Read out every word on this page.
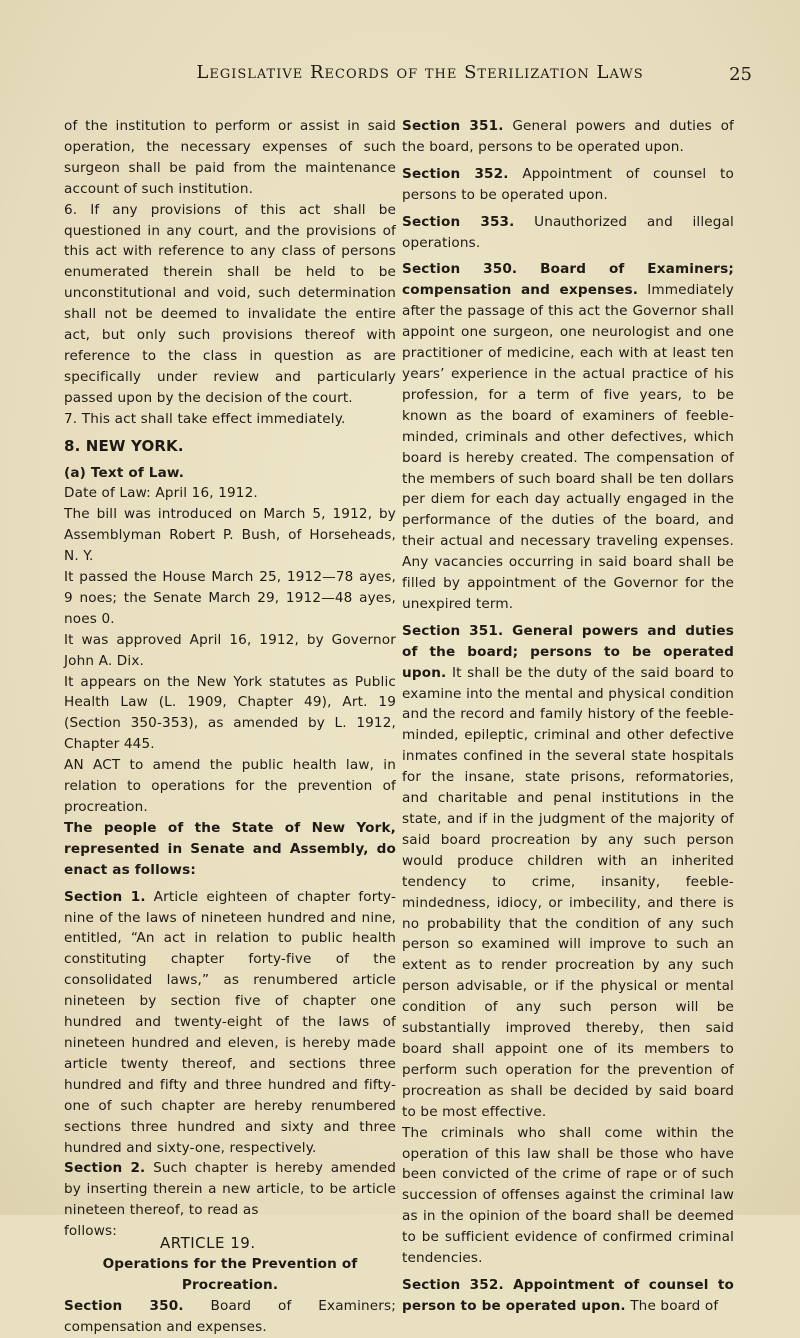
Legislative Records of the Sterilization Laws	25

of the institution to perform or assist in said operation, the necessary expenses of such surgeon shall be paid from the maintenance account of such institution.

6. If any provisions of this act shall be questioned in any court, and the provisions of this act with reference to any class of persons enumerated therein shall be held to be unconstitutional and void, such determination shall not be deemed to invalidate the entire act, but only such provisions thereof with reference to the class in question as are specifically under review and particularly passed upon by the decision of the court.

7. This act shall take effect immediately.

8. NEW YORK.

(a) Text of Law.

Date of Law: April 16, 1912.

The bill was introduced on March 5, 1912, by Assemblyman Robert P. Bush, of Horseheads, N. Y.

It passed the House March 25, 1912—78 ayes, 9 noes; the Senate March 29, 1912—48 ayes, noes 0.

It was approved April 16, 1912, by Governor John A. Dix.

It appears on the New York statutes as Public Health Law (L. 1909, Chapter 49), Art. 19 (Section 350-353), as amended by L. 1912, Chapter 445.

AN ACT to amend the public health law, in relation to operations for the prevention of procreation.

The people of the State of New York, represented in Senate and Assembly, do enact as follows:

Section 1. Article eighteen of chapter forty-nine of the laws of nineteen hundred and nine, entitled, “An act in relation to public health constituting chapter forty-five of the consolidated laws,” as renumbered article nineteen by section five of chapter one hundred and twenty-eight of the laws of nineteen hundred and eleven, is hereby made article twenty thereof, and sections three hundred and fifty and three hundred and fifty-one of such chapter are hereby renumbered sections three hundred and sixty and three hundred and sixty-one, respectively.

Section 2. Such chapter is hereby amended by inserting therein a new article, to be article nineteen thereof, to read as

follows:
ARTICLE 19.

Operations for the Prevention of Procreation.

Section 350. Board of Examiners; compensation and expenses.

Section 351. General powers and duties of the board, persons to be operated upon.

Section 352. Appointment of counsel to persons to be operated upon.

Section 353. Unauthorized and illegal operations.

Section 350. Board of Examiners; compensation and expenses. Immediately after the passage of this act the Governor shall appoint one surgeon, one neurologist and one practitioner of medicine, each with at least ten years’ experience in the actual practice of his profession, for a term of five years, to be known as the board of examiners of feeble-minded, criminals and other defectives, which board is hereby created. The compensation of the members of such board shall be ten dollars per diem for each day actually engaged in the performance of the duties of the board, and their actual and necessary traveling expenses. Any vacancies occurring in said board shall be filled by appointment of the Governor for the unexpired term.

Section 351. General powers and duties of the board; persons to be operated upon. It shall be the duty of the said board to examine into the mental and physical condition and the record and family history of the feeble-minded, epileptic, criminal and other defective inmates confined in the several state hospitals for the insane, state prisons, reformatories, and charitable and penal institutions in the state, and if in the judgment of the majority of said board procreation by any such person would produce children with an inherited tendency to crime, insanity, feeble-mindedness, idiocy, or imbecility, and there is no probability that the condition of any such person so examined will improve to such an extent as to render procreation by any such person advisable, or if the physical or mental condition of any such person will be substantially improved thereby, then said board shall appoint one of its members to perform such operation for the prevention of procreation as shall be decided by said board to be most effective.

The criminals who shall come within the operation of this law shall be those who have been convicted of the crime of rape or of such succession of offenses against the criminal law as in the opinion of the board shall be deemed to be sufficient evidence of confirmed criminal tendencies.

Section 352. Appointment of counsel to person to be operated upon. The board of
